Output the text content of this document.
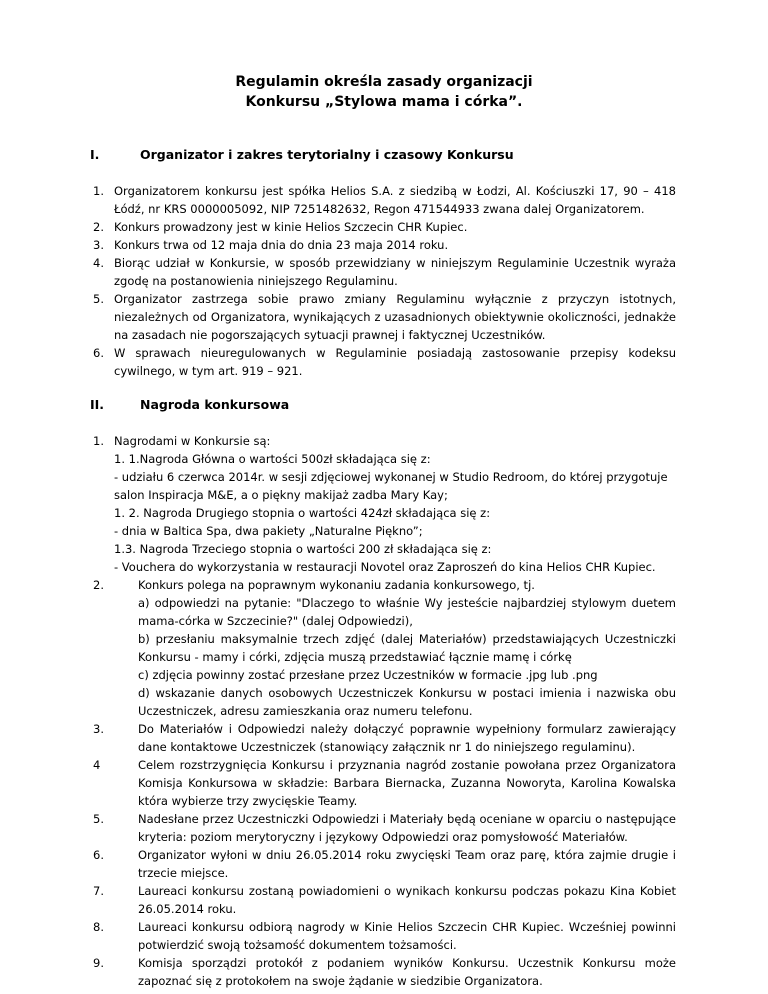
Regulamin określa zasady organizacji
Konkursu „Stylowa mama i córka”.
I.	Organizator i zakres terytorialny i czasowy Konkursu
1. Organizatorem konkursu jest spółka Helios S.A. z siedzibą w Łodzi, Al. Kościuszki 17, 90 – 418 Łódź, nr KRS 0000005092, NIP 7251482632, Regon 471544933 zwana dalej Organizatorem.
2. Konkurs prowadzony jest w kinie Helios Szczecin CHR Kupiec.
3. Konkurs trwa od 12 maja dnia do dnia 23 maja 2014 roku.
4. Biorąc udział w Konkursie, w sposób przewidziany w niniejszym Regulaminie Uczestnik wyraża zgodę na postanowienia niniejszego Regulaminu.
5. Organizator zastrzega sobie prawo zmiany Regulaminu wyłącznie z przyczyn istotnych, niezależnych od Organizatora, wynikających z uzasadnionych obiektywnie okoliczności, jednakże na zasadach nie pogorszających sytuacji prawnej i faktycznej Uczestników.
6. W sprawach nieuregulowanych w Regulaminie posiadają zastosowanie przepisy kodeksu cywilnego, w tym art. 919 – 921.
II.	Nagroda konkursowa
1. Nagrodami w Konkursie są:
1. 1.Nagroda Główna o wartości 500zł składająca się z:
- udziału 6 czerwca 2014r. w sesji zdjęciowej wykonanej w Studio Redroom, do której przygotuje
salon Inspiracja M&E, a o piękny makijaż zadba Mary Kay;
1. 2. Nagroda Drugiego stopnia o wartości 424zł składająca się z:
- dnia w Baltica Spa, dwa pakiety „Naturalne Piękno”;
1.3. Nagroda Trzeciego stopnia o wartości 200 zł składająca się z:
- Vouchera do wykorzystania w restauracji Novotel oraz Zaproszeń do kina Helios CHR Kupiec.
2.	Konkurs polega na poprawnym wykonaniu zadania konkursowego, tj.
a) odpowiedzi na pytanie: "Dlaczego to właśnie Wy jesteście najbardziej stylowym duetem mama-córka w Szczecinie?" (dalej Odpowiedzi),
b) przesłaniu maksymalnie trzech zdjęć (dalej Materiałów) przedstawiających Uczestniczki Konkursu - mamy i córki, zdjęcia muszą przedstawiać łącznie mamę i córkę
c) zdjęcia powinny zostać przesłane przez Uczestników w formacie .jpg lub .png
d) wskazanie danych osobowych Uczestniczek Konkursu w postaci imienia i nazwiska obu Uczestniczek, adresu zamieszkania oraz numeru telefonu.
3.	Do Materiałów i Odpowiedzi należy dołączyć poprawnie wypełniony formularz zawierający dane kontaktowe Uczestniczek (stanowiący załącznik nr 1 do niniejszego regulaminu).
4	Celem rozstrzygnięcia Konkursu i przyznania nagród zostanie powołana przez Organizatora Komisja Konkursowa w składzie: Barbara Biernacka, Zuzanna Noworyta, Karolina Kowalska która wybierze trzy zwycięskie Teamy.
5.	Nadesłane przez Uczestniczki Odpowiedzi i Materiały będą oceniane w oparciu o następujące kryteria: poziom merytoryczny i językowy Odpowiedzi oraz pomysłowość Materiałów.
6.	Organizator wyłoni w dniu 26.05.2014 roku zwycięski Team oraz parę, która zajmie drugie i trzecie miejsce.
7.	Laureaci konkursu zostaną powiadomieni o wynikach konkursu podczas pokazu Kina Kobiet 26.05.2014 roku.
8.	Laureaci konkursu odbiorą nagrody w Kinie Helios Szczecin CHR Kupiec. Wcześniej powinni potwierdzić swoją tożsamość dokumentem tożsamości.
9.	Komisja sporządzi protokół z podaniem wyników Konkursu. Uczestnik Konkursu może zapoznać się z protokołem na swoje żądanie w siedzibie Organizatora.
